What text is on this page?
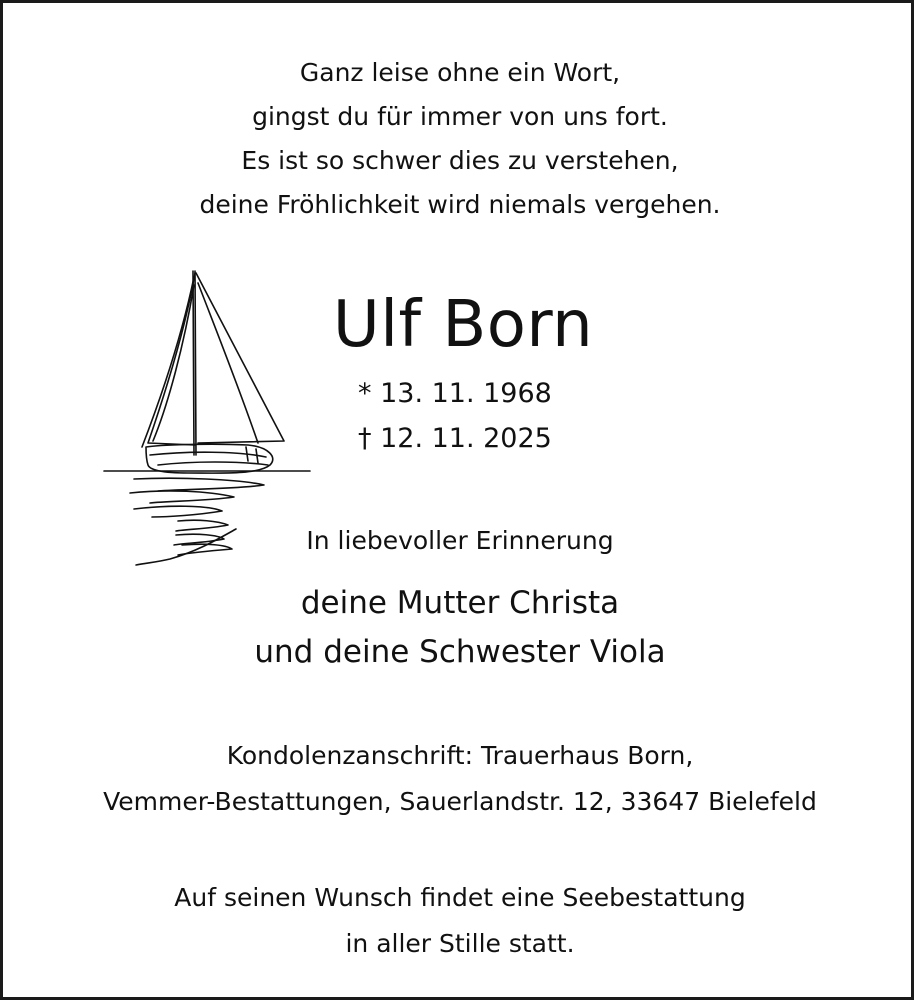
Ganz leise ohne ein Wort,
gingst du für immer von uns fort.
Es ist so schwer dies zu verstehen,
deine Fröhlichkeit wird niemals vergehen.
Ulf Born
* 13. 11. 1968
† 12. 11. 2025
In liebevoller Erinnerung
deine Mutter Christa
und deine Schwester Viola
Kondolenzanschrift: Trauerhaus Born,
Vemmer-Bestattungen, Sauerlandstr. 12, 33647 Bielefeld
Auf seinen Wunsch findet eine Seebestattung
in aller Stille statt.
